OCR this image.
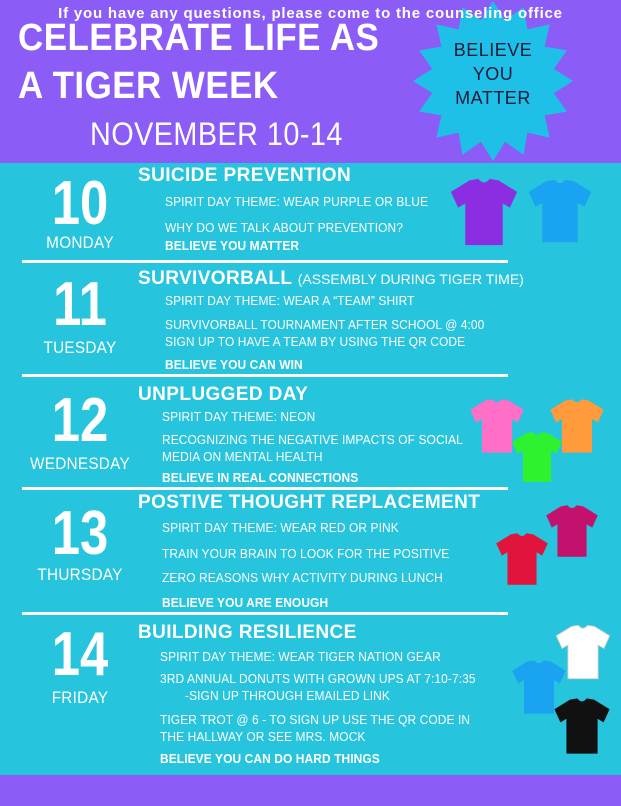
CELEBRATE LIFE AS
A TIGER WEEK
NOVEMBER 10-14
BELIEVE
YOU
MATTER
10
MONDAY
SUICIDE PREVENTION
SPIRIT DAY THEME: WEAR PURPLE OR BLUE
WHY DO WE TALK ABOUT PREVENTION?
BELIEVE YOU MATTER
11
TUESDAY
SURVIVORBALL (ASSEMBLY DURING TIGER TIME)
SPIRIT DAY THEME: WEAR A “TEAM” SHIRT
SURVIVORBALL TOURNAMENT AFTER SCHOOL @ 4:00
SIGN UP TO HAVE A TEAM BY USING THE QR CODE
BELIEVE YOU CAN WIN
12
WEDNESDAY
UNPLUGGED DAY
SPIRIT DAY THEME: NEON
RECOGNIZING THE NEGATIVE IMPACTS OF SOCIAL
MEDIA ON MENTAL HEALTH
BELIEVE IN REAL CONNECTIONS
13
THURSDAY
POSTIVE THOUGHT REPLACEMENT
SPIRIT DAY THEME: WEAR RED OR PINK
TRAIN YOUR BRAIN TO LOOK FOR THE POSITIVE
ZERO REASONS WHY ACTIVITY DURING LUNCH
BELIEVE YOU ARE ENOUGH
14
FRIDAY
BUILDING RESILIENCE
SPIRIT DAY THEME: WEAR TIGER NATION GEAR
3RD ANNUAL DONUTS WITH GROWN UPS AT 7:10-7:35
-SIGN UP THROUGH EMAILED LINK
TIGER TROT @ 6 - TO SIGN UP USE THE QR CODE IN
THE HALLWAY OR SEE MRS. MOCK
BELIEVE YOU CAN DO HARD THINGS
If you have any questions, please come to the counseling office
